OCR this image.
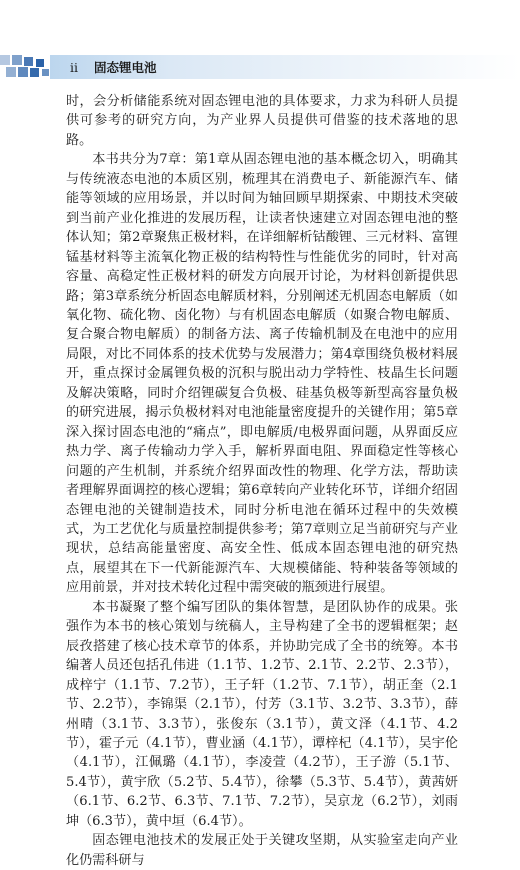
ii 固态锂电池

时，会分析储能系统对固态锂电池的具体要求，力求为科研人员提供可参考的研究方向，为产业界人员提供可借鉴的技术落地的思路。

本书共分为7章：第1章从固态锂电池的基本概念切入，明确其与传统液态电池的本质区别，梳理其在消费电子、新能源汽车、储能等领域的应用场景，并以时间为轴回顾早期探索、中期技术突破到当前产业化推进的发展历程，让读者快速建立对固态锂电池的整体认知；第2章聚焦正极材料，在详细解析钴酸锂、三元材料、富锂锰基材料等主流氧化物正极的结构特性与性能优劣的同时，针对高容量、高稳定性正极材料的研发方向展开讨论，为材料创新提供思路；第3章系统分析固态电解质材料，分别阐述无机固态电解质（如氧化物、硫化物、卤化物）与有机固态电解质（如聚合物电解质、复合聚合物电解质）的制备方法、离子传输机制及在电池中的应用局限，对比不同体系的技术优势与发展潜力；第4章围绕负极材料展开，重点探讨金属锂负极的沉积与脱出动力学特性、枝晶生长问题及解决策略，同时介绍锂碳复合负极、硅基负极等新型高容量负极的研究进展，揭示负极材料对电池能量密度提升的关键作用；第5章深入探讨固态电池的“痛点”，即电解质/电极界面问题，从界面反应热力学、离子传输动力学入手，解析界面电阻、界面稳定性等核心问题的产生机制，并系统介绍界面改性的物理、化学方法，帮助读者理解界面调控的核心逻辑；第6章转向产业转化环节，详细介绍固态锂电池的关键制造技术，同时分析电池在循环过程中的失效模式，为工艺优化与质量控制提供参考；第7章则立足当前研究与产业现状，总结高能量密度、高安全性、低成本固态锂电池的研究热点，展望其在下一代新能源汽车、大规模储能、特种装备等领域的应用前景，并对技术转化过程中需突破的瓶颈进行展望。

本书凝聚了整个编写团队的集体智慧，是团队协作的成果。张强作为本书的核心策划与统稿人，主导构建了全书的逻辑框架；赵辰孜搭建了核心技术章节的体系，并协助完成了全书的统筹。本书编著人员还包括孔伟进（1.1节、1.2节、2.1节、2.2节、2.3节），成梓宁（1.1节、7.2节），王子轩（1.2节、7.1节），胡正奎（2.1节、2.2节），李锦渠（2.1节），付芳（3.1节、3.2节、3.3节），薛州晴（3.1节、3.3节），张俊东（3.1节），黄文泽（4.1节、4.2节），霍子元（4.1节），曹业涵（4.1节），谭梓杞（4.1节），吴宇伦（4.1节），江佩璐（4.1节），李凌萱（4.2节），王子游（5.1节、5.4节），黄宇欣（5.2节、5.4节），徐攀（5.3节、5.4节），黄茜妍（6.1节、6.2节、6.3节、7.1节、7.2节），吴京龙（6.2节），刘雨坤（6.3节），黄中垣（6.4节）。

固态锂电池技术的发展正处于关键攻坚期，从实验室走向产业化仍需科研与
